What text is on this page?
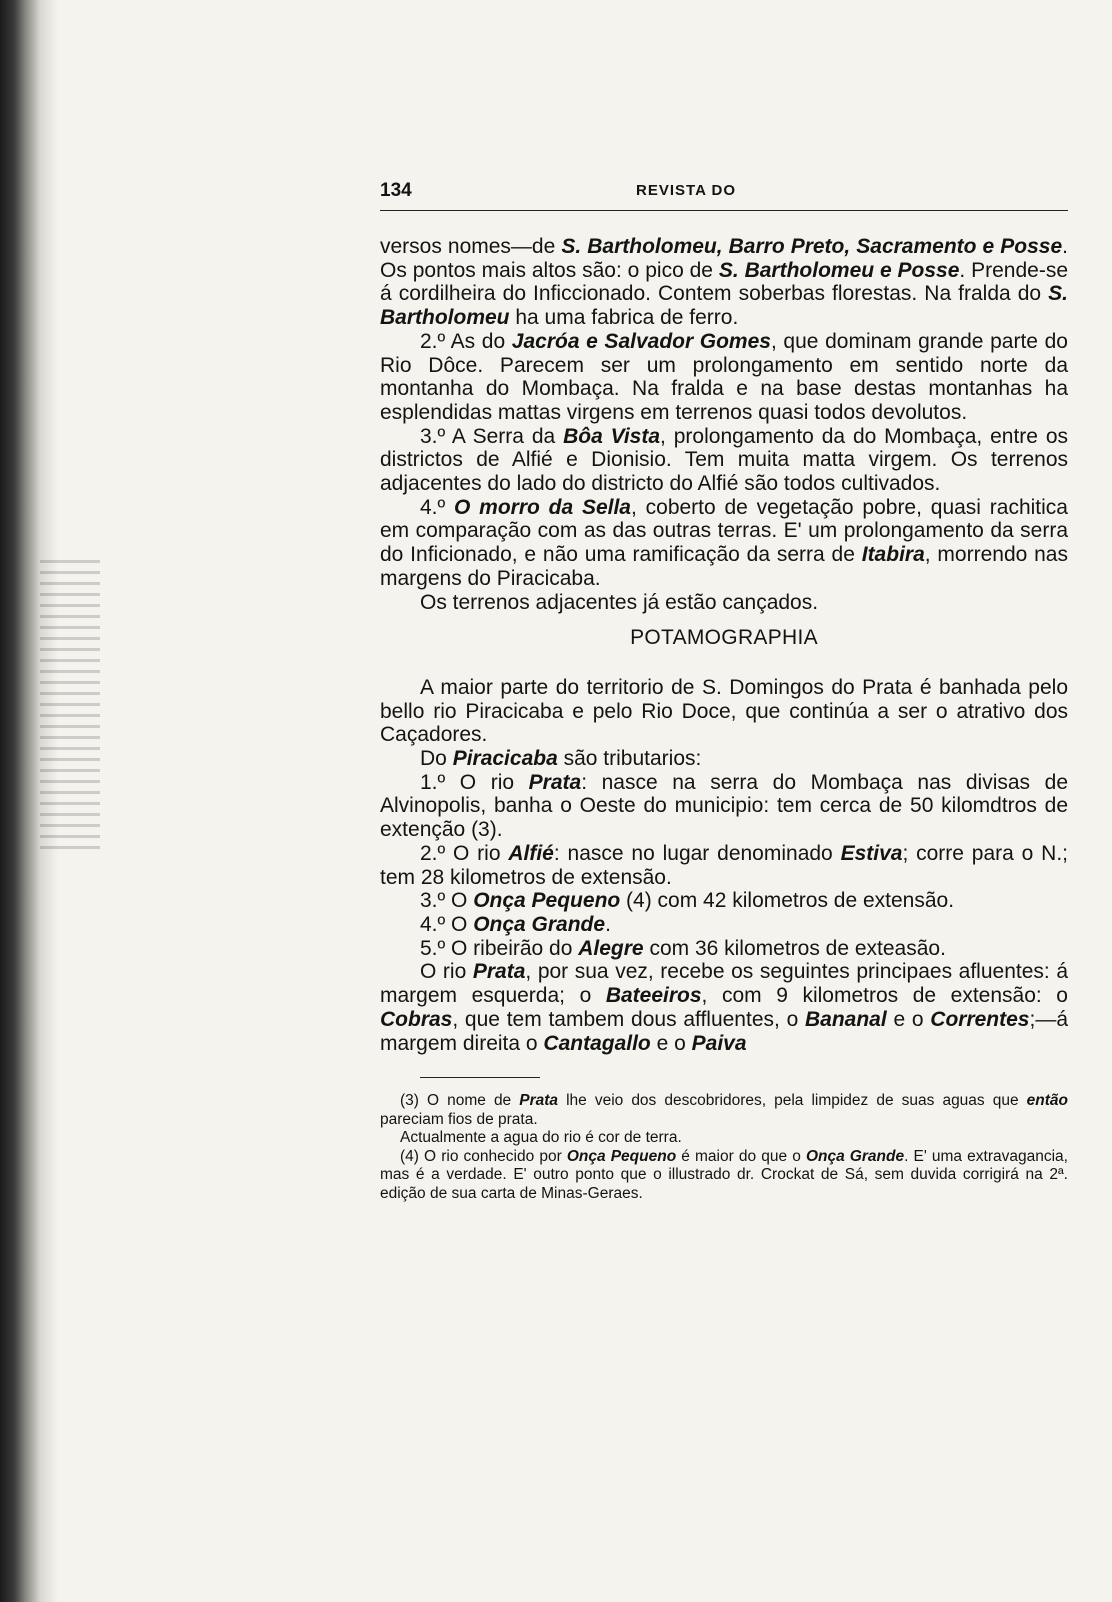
134	REVISTA DO

versos nomes—de S. Bartholomeu, Barro Preto, Sacramento e Posse. Os pontos mais altos são: o pico de S. Bartholomeu e Posse. Prende-se á cordilheira do Inficcionado. Contem soberbas florestas. Na fralda do S. Bartholomeu ha uma fabrica de ferro.

2.º As do Jacróa e Salvador Gomes, que dominam grande parte do Rio Dôce. Parecem ser um prolongamento em sentido norte da montanha do Mombaça. Na fralda e na base destas montanhas ha esplendidas mattas virgens em terrenos quasi todos devolutos.

3.º A Serra da Bôa Vista, prolongamento da do Mombaça, entre os districtos de Alfié e Dionisio. Tem muita matta virgem. Os terrenos adjacentes do lado do districto do Alfié são todos cultivados.

4.º O morro da Sella, coberto de vegetação pobre, quasi rachitica em comparação com as das outras terras. E' um prolongamento da serra do Inficionado, e não uma ramificação da serra de Itabira, morrendo nas margens do Piracicaba.

Os terrenos adjacentes já estão cançados.

POTAMOGRAPHIA

A maior parte do territorio de S. Domingos do Prata é banhada pelo bello rio Piracicaba e pelo Rio Doce, que continúa a ser o atrativo dos Caçadores.

Do Piracicaba são tributarios:

1.º O rio Prata: nasce na serra do Mombaça nas divisas de Alvinopolis, banha o Oeste do municipio: tem cerca de 50 kilomdtros de extenção (3).

2.º O rio Alfié: nasce no lugar denominado Estiva; corre para o N.; tem 28 kilometros de extensão.

3.º O Onça Pequeno (4) com 42 kilometros de extensão.

4.º O Onça Grande.

5.º O ribeirão do Alegre com 36 kilometros de exteasão.

O rio Prata, por sua vez, recebe os seguintes principaes afluentes: á margem esquerda; o Bateeiros, com 9 kilometros de extensão: o Cobras, que tem tambem dous affluentes, o Bananal e o Correntes;—á margem direita o Cantagallo e o Paiva

(3) O nome de Prata lhe veio dos descobridores, pela limpidez de suas aguas que então pareciam fios de prata.

Actualmente a agua do rio é cor de terra.

(4) O rio conhecido por Onça Pequeno é maior do que o Onça Grande. E' uma extravagancia, mas é a verdade. E' outro ponto que o illustrado dr. Crockat de Sá, sem duvida corrigirá na 2ª. edição de sua carta de Minas-Geraes.
